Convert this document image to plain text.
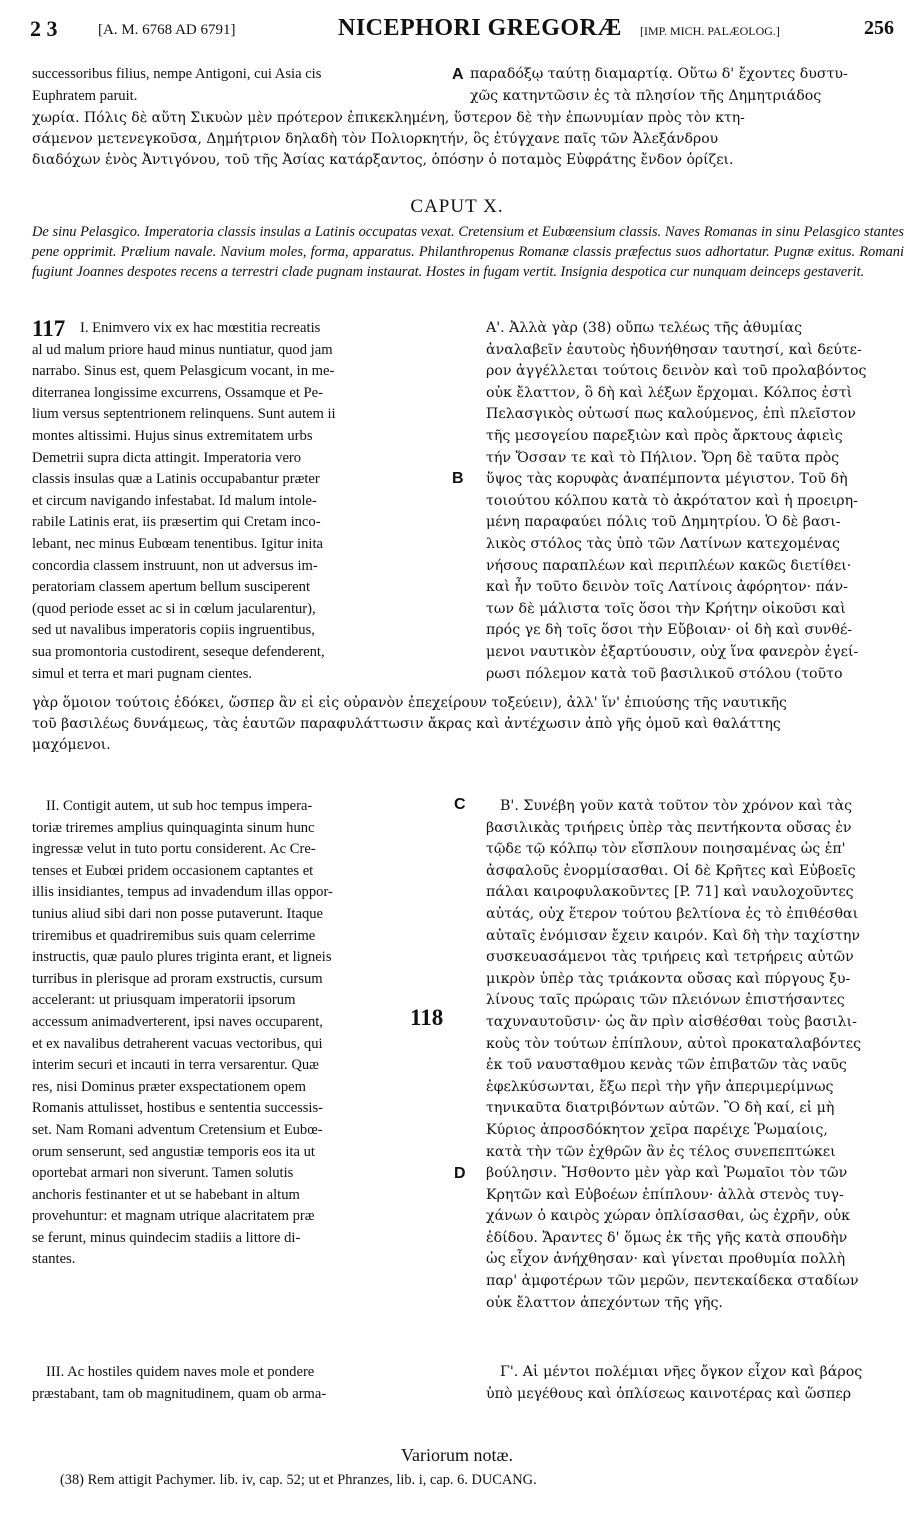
2 3	[A. M. 6768 AD 6791]	NICEPHORI GREGORÆ [IMP. MICH. PALÆOLOG.]	256
successoribus filius, nempe Antigoni, cui Asia cis
Euphratem paruit.
A παραδόξῳ ταύτῃ διαμαρτίᾳ. Οὕτω δ' ἔχοντες δυστυ-
χῶς κατηντῶσιν ἐς τὰ πλησίον τῆς Δημητριάδος
χωρία. Πόλις δὲ αὕτη Σικυὼν μὲν πρότερον ἐπικεκλημένη, ὕστερον δὲ τὴν ἐπωνυμίαν πρὸς τὸν κτη-
σάμενον μετενεγκοῦσα, Δημήτριον δηλαδὴ τὸν Πολιορκητήν, ὃς ἐτύγχανε παῖς τῶν Ἀλεξάνδρου
διαδόχων ἑνὸς Ἀντιγόνου, τοῦ τῆς Ἀσίας κατάρξαντος, ὁπόσην ὁ ποταμὸς Εὐφράτης ἔνδον ὁρίζει.
CAPUT X.
De sinu Pelasgico. Imperatoria classis insulas a Latinis occupatas vexat. Cretensium et Eubœensium classis. Naves Romanas in sinu Pelasgico stantes pene opprimit. Prælium navale. Navium moles, forma, apparatus. Philanthropenus Romanæ classis præfectus suos adhortatur. Pugnæ exitus. Romani fugiunt Joannes despotes recens a terrestri clade pugnam instaurat. Hostes in fugam vertit. Insignia despotica cur nunquam deinceps gestaverit.
117 I. Enimvero vix ex hac mœstitia recreatis
al ud malum priore haud minus nuntiatur, quod jam
narrabo. Sinus est, quem Pelasgicum vocant, in me-
diterranea longissime excurrens, Ossamque et Pe-
lium versus septentrionem relinquens. Sunt autem ii
montes altissimi. Hujus sinus extremitatem urbs
Demetrii supra dicta attingit. Imperatoria vero
classis insulas quæ a Latinis occupabantur præter
et circum navigando infestabat. Id malum intole-
rabile Latinis erat, iis præsertim qui Cretam inco-
lebant, nec minus Eubœam tenentibus. Igitur inita
concordia classem instruunt, non ut adversus im-
peratoriam classem apertum bellum susciperent
(quod periode esset ac si in cœlum jacularentur),
sed ut navalibus imperatoris copiis ingruentibus,
sua promontoria custodirent, seseque defenderent,
simul et terra et mari pugnam cientes.
B
Α'. Ἀλλὰ γὰρ (38) οὔπω τελέως τῆς ἀθυμίας
ἀναλαβεῖν ἑαυτοὺς ἠδυνήθησαν ταυτησί, καὶ δεύτε-
ρον ἀγγέλλεται τούτοις δεινὸν καὶ τοῦ προλαβόντος
οὐκ ἔλαττον, ὃ δὴ καὶ λέξων ἔρχομαι. Κόλπος ἐστὶ
Πελασγικὸς οὑτωσί πως καλούμενος, ἐπὶ πλεῖστον
τῆς μεσογείου παρεξιὼν καὶ πρὸς ἄρκτους ἀφιεὶς
τήν Ὄσσαν τε καὶ τὸ Πήλιον. Ὄρη δὲ ταῦτα πρὸς
ὕψος τὰς κορυφὰς ἀναπέμποντα μέγιστον. Τοῦ δὴ
τοιούτου κόλπου κατὰ τὸ ἀκρότατον καὶ ἡ προειρη-
μένη παραφαύει πόλις τοῦ Δημητρίου. Ὁ δὲ βασι-
λικὸς στόλος τὰς ὑπὸ τῶν Λατίνων κατεχομένας
νήσους παραπλέων καὶ περιπλέων κακῶς διετίθει·
καὶ ἦν τοῦτο δεινὸν τοῖς Λατίνοις ἀφόρητον· πάν-
των δὲ μάλιστα τοῖς ὅσοι τὴν Κρήτην οἰκοῦσι καὶ
πρός γε δὴ τοῖς ὅσοι τὴν Εὔβοιαν· οἱ δὴ καὶ συνθέ-
μενοι ναυτικὸν ἐξαρτύουσιν, οὐχ ἵνα φανερὸν ἐγεί-
ρωσι πόλεμον κατὰ τοῦ βασιλικοῦ στόλου (τοῦτο
γὰρ ὅμοιον τούτοις ἐδόκει, ὥσπερ ἂν εἰ εἰς οὐρανὸν ἐπεχείρουν τοξεύειν), ἀλλ' ἵν' ἐπιούσης τῆς ναυτικῆς
τοῦ βασιλέως δυνάμεως, τὰς ἑαυτῶν παραφυλάττωσιν ἄκρας καὶ ἀντέχωσιν ἀπὸ γῆς ὁμοῦ καὶ θαλάττης
μαχόμενοι.
II. Contigit autem, ut sub hoc tempus impera-
toriæ triremes amplius quinquaginta sinum hunc
ingressæ velut in tuto portu considerent. Ac Cre-
tenses et Eubœi pridem occasionem captantes et
illis insidiantes, tempus ad invadendum illas oppor-
tunius aliud sibi dari non posse putaverunt. Itaque
triremibus et quadriremibus suis quam celerrime
instructis, quæ paulo plures triginta erant, et ligneis
turribus in plerisque ad proram exstructis, cursum
accelerant: ut priusquam imperatorii ipsorum
accessum animadverterent, ipsi naves occuparent,
et ex navalibus detraherent vacuas vectoribus, qui
interim securi et incauti in terra versarentur. Quæ
res, nisi Dominus præter exspectationem opem
Romanis attulisset, hostibus e sententia successis-
set. Nam Romani adventum Cretensium et Eubœ-
orum senserunt, sed angustiæ temporis eos ita ut
oportebat armari non siverunt. Tamen solutis
anchoris festinanter et ut se habebant in altum
provehuntur: et magnam utrique alacritatem præ
se ferunt, minus quindecim stadiis a littore di-
stantes.
C
118
D
Β'. Συνέβη γοῦν κατὰ τοῦτον τὸν χρόνον καὶ τὰς
βασιλικὰς τριήρεις ὑπὲρ τὰς πεντήκοντα οὔσας ἐν
τῷδε τῷ κόλπῳ τὸν εἴσπλουν ποιησαμένας ὡς ἐπ'
ἀσφαλοῦς ἐνορμίσασθαι. Οἱ δὲ Κρῆτες καὶ Εὐβοεῖς
πάλαι καιροφυλακοῦντες [P. 71] καὶ ναυλοχοῦντες
αὐτάς, οὐχ ἕτερον τούτου βελτίονα ἐς τὸ ἐπιθέσθαι
αὐταῖς ἐνόμισαν ἔχειν καιρόν. Καὶ δὴ τὴν ταχίστην
συσκευασάμενοι τὰς τριήρεις καὶ τετρήρεις αὐτῶν
μικρὸν ὑπὲρ τὰς τριάκοντα οὔσας καὶ πύργους ξυ-
λίνους ταῖς πρώραις τῶν πλειόνων ἐπιστήσαντες
ταχυναυτοῦσιν· ὡς ἂν πρὶν αἰσθέσθαι τοὺς βασιλι-
κοὺς τὸν τούτων ἐπίπλουν, αὐτοὶ προκαταλαβόντες
ἐκ τοῦ ναυσταθμου κενὰς τῶν ἐπιβατῶν τὰς ναῦς
ἐφελκύσωνται, ἔξω περὶ τὴν γῆν ἀπεριμερίμνως
τηνικαῦτα διατριβόντων αὐτῶν. Ὃ δὴ καί, εἰ μὴ
Κύριος ἀπροσδόκητον χεῖρα παρέιχε Ῥωμαίοις,
κατὰ τὴν τῶν ἐχθρῶν ἂν ἐς τέλος συνεπεπτώκει
βούλησιν. Ἤσθοντο μὲν γὰρ καὶ Ῥωμαῖοι τὸν τῶν
Κρητῶν καὶ Εὐβοέων ἐπίπλουν· ἀλλὰ στενὸς τυγ-
χάνων ὁ καιρὸς χώραν ὁπλίσασθαι, ὡς ἐχρῆν, οὐκ
ἐδίδου. Ἄραντες δ' ὅμως ἐκ τῆς γῆς κατὰ σπουδὴν
ὡς εἶχον ἀνήχθησαν· καὶ γίνεται προθυμία πολλὴ
παρ' ἀμφοτέρων τῶν μερῶν, πεντεκαίδεκα σταδίων
οὐκ ἔλαττον ἀπεχόντων τῆς γῆς.
III. Ac hostiles quidem naves mole et pondere
præstabant, tam ob magnitudinem, quam ob arma-
Γ'. Αἱ μέντοι πολέμιαι νῆες ὄγκον εἶχον καὶ βάρος
ὑπὸ μεγέθους καὶ ὁπλίσεως καινοτέρας καὶ ὥσπερ
Variorum notæ.
(38) Rem attigit Pachymer. lib. iv, cap. 52; ut et Phranzes, lib. i, cap. 6. DUCANG.
